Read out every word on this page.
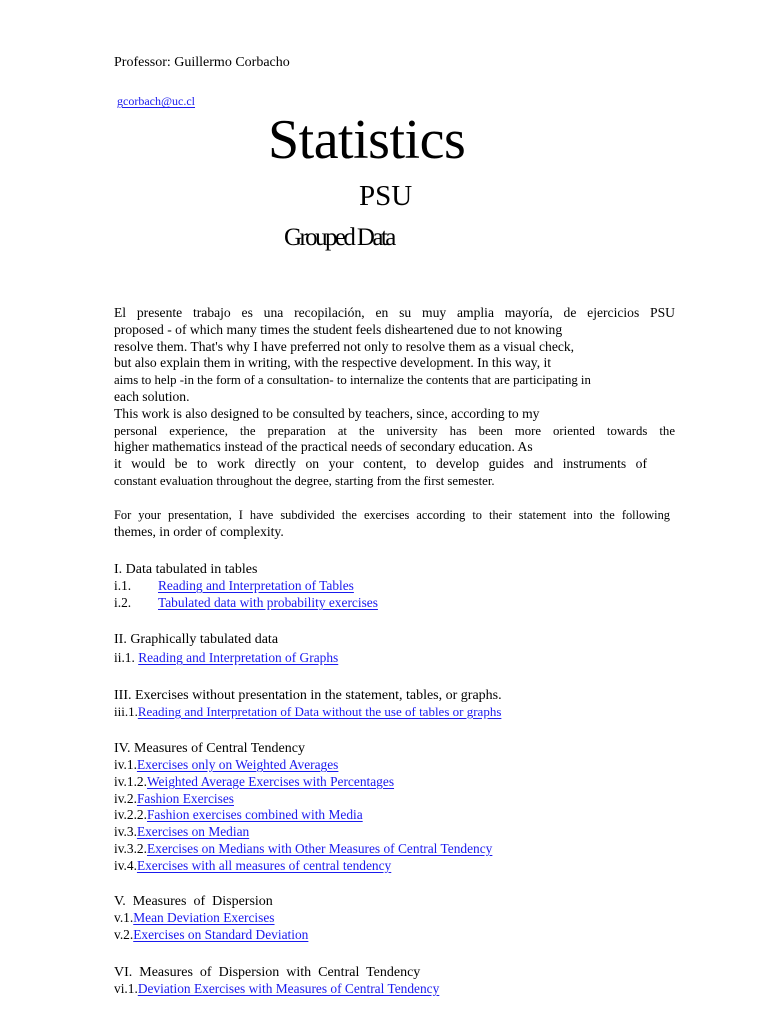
Professor: Guillermo Corbacho
gcorbach@uc.cl
Statistics
PSU
Grouped Data
El presente trabajo es una recopilación, en su muy amplia mayoría, de ejercicios PSU
proposed - of which many times the student feels disheartened due to not knowing
resolve them. That's why I have preferred not only to resolve them as a visual check,
but also explain them in writing, with the respective development. In this way, it
aims to help -in the form of a consultation- to internalize the contents that are participating in
each solution.
This work is also designed to be consulted by teachers, since, according to my
personal experience, the preparation at the university has been more oriented towards the
higher mathematics instead of the practical needs of secondary education. As
it would be to work directly on your content, to develop guides and instruments of
constant evaluation throughout the degree, starting from the first semester.
For your presentation, I have subdivided the exercises according to their statement into the following
themes, in order of complexity.
I. Data tabulated in tables
i.1. Reading and Interpretation of Tables
i.2. Tabulated data with probability exercises
II. Graphically tabulated data
ii.1. Reading and Interpretation of Graphs
III. Exercises without presentation in the statement, tables, or graphs.
iii.1.Reading and Interpretation of Data without the use of tables or graphs
IV. Measures of Central Tendency
iv.1.Exercises only on Weighted Averages
iv.1.2.Weighted Average Exercises with Percentages
iv.2.Fashion Exercises
iv.2.2.Fashion exercises combined with Media
iv.3.Exercises on Median
iv.3.2.Exercises on Medians with Other Measures of Central Tendency
iv.4.Exercises with all measures of central tendency
V.  Measures  of  Dispersion
v.1.Mean Deviation Exercises
v.2.Exercises on Standard Deviation
VI.  Measures  of  Dispersion  with  Central  Tendency
vi.1.Deviation Exercises with Measures of Central Tendency
